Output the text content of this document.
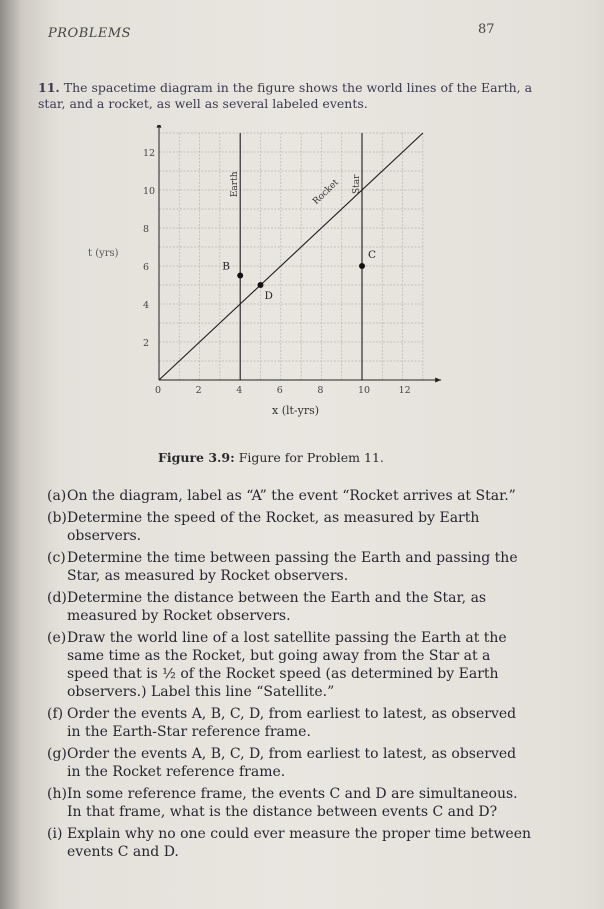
PROBLEMS	87
11. The spacetime diagram in the figure shows the world lines of the Earth, a star, and a rocket, as well as several labeled events.
t (yrs)
0	2	4	6	8	10	12
2
4
6
8
10
12
Earth	Star
Rocket
B
C
D
x (lt-yrs)
Figure 3.9: Figure for Problem 11.
(a) On the diagram, label as “A” the event “Rocket arrives at Star.”
(b) Determine the speed of the Rocket, as measured by Earth observers.
(c) Determine the time between passing the Earth and passing the Star, as measured by Rocket observers.
(d) Determine the distance between the Earth and the Star, as measured by Rocket observers.
(e) Draw the world line of a lost satellite passing the Earth at the same time as the Rocket, but going away from the Star at a speed that is ½ of the Rocket speed (as determined by Earth observers.) Label this line “Satellite.”
(f) Order the events A, B, C, D, from earliest to latest, as observed in the Earth-Star reference frame.
(g) Order the events A, B, C, D, from earliest to latest, as observed in the Rocket reference frame.
(h) In some reference frame, the events C and D are simultaneous. In that frame, what is the distance between events C and D?
(i) Explain why no one could ever measure the proper time between events C and D.
